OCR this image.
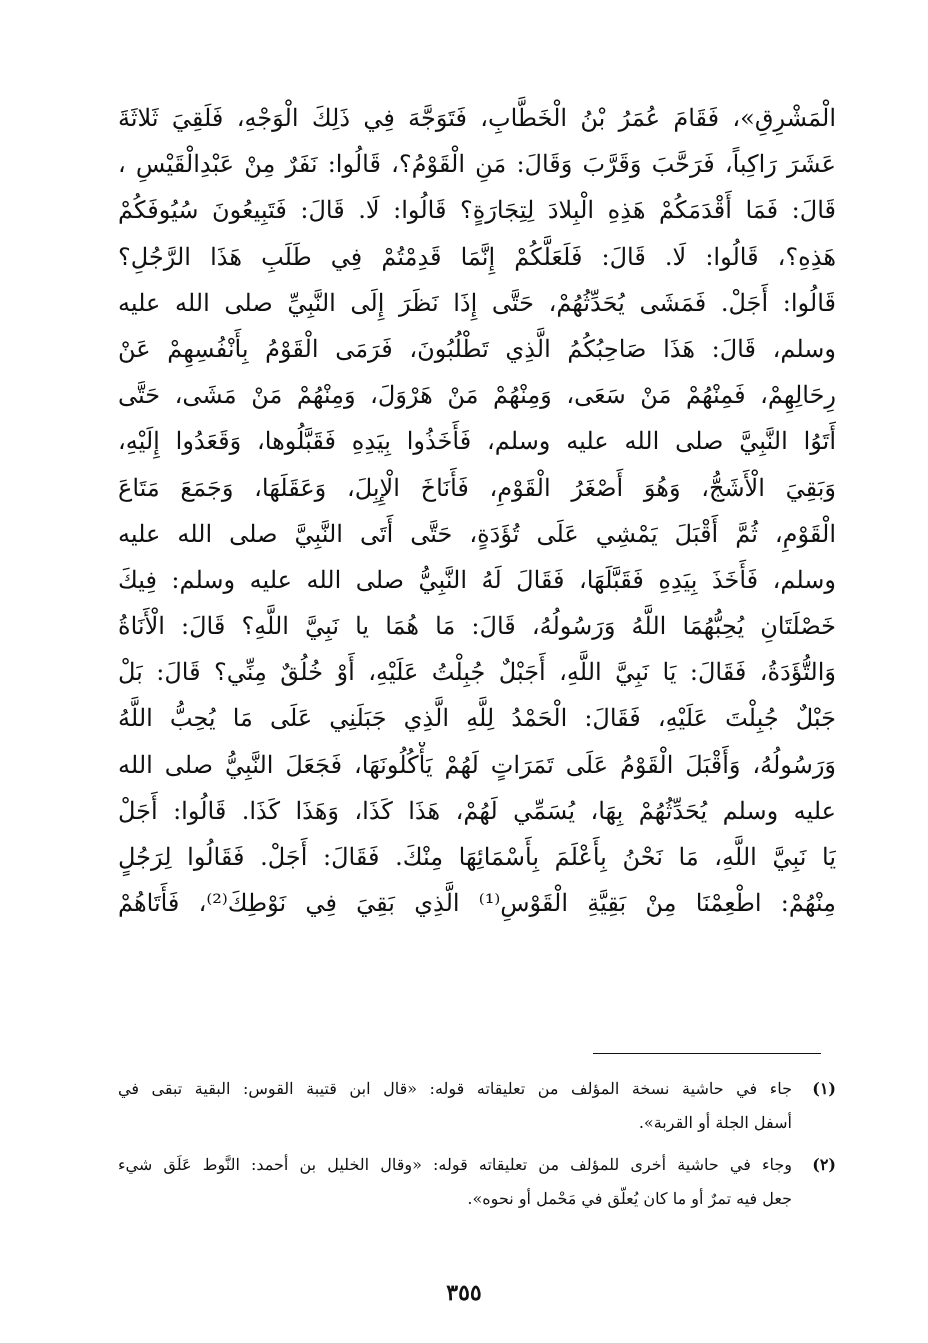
الْمَشْرِقِ»، فَقَامَ عُمَرُ بْنُ الْخَطَّابِ، فَتَوَجَّهَ فِي ذَلِكَ الْوَجْهِ، فَلَقِيَ ثَلاثَةَ
عَشَرَ رَاكِباً، فَرَحَّبَ وَقَرَّبَ وَقَالَ: مَنِ الْقَوْمُ؟، قَالُوا: نَفَرٌ مِنْ عَبْدِالْقَيْسِ ،
قَالَ: فَمَا أَقْدَمَكُمْ هَذِهِ الْبِلادَ لِتِجَارَةٍ؟ قَالُوا: لَا. قَالَ: فَتَبِيعُونَ سُيُوفَكُمْ
هَذِهِ؟، قَالُوا: لَا. قَالَ: فَلَعَلَّكُمْ إِنَّمَا قَدِمْتُمْ فِي طَلَبِ هَذَا الرَّجُلِ؟
قَالُوا: أَجَلْ. فَمَشَى يُحَدِّثُهُمْ، حَتَّى إِذَا نَظَرَ إِلَى النَّبِيِّ صلى الله عليه
وسلم، قَالَ: هَذَا صَاحِبُكُمُ الَّذِي تَطْلُبُونَ، فَرَمَى الْقَوْمُ بِأَنْفُسِهِمْ عَنْ
رِحَالِهِمْ، فَمِنْهُمْ مَنْ سَعَى، وَمِنْهُمْ مَنْ هَرْوَلَ، وَمِنْهُمْ مَنْ مَشَى، حَتَّى
أَتَوُا النَّبِيَّ صلى الله عليه وسلم، فَأَخَذُوا بِيَدِهِ فَقَبَّلُوها، وَقَعَدُوا إِلَيْهِ،
وَبَقِيَ الْأَشَجُّ، وَهُوَ أَصْغَرُ الْقَوْمِ، فَأَنَاخَ الْإِبِلَ، وَعَقَلَهَا، وَجَمَعَ مَتَاعَ
الْقَوْمِ، ثُمَّ أَقْبَلَ يَمْشِي عَلَى تُؤَدَةٍ، حَتَّى أَتَى النَّبِيَّ صلى الله عليه
وسلم، فَأَخَذَ بِيَدِهِ فَقَبَّلَهَا، فَقَالَ لَهُ النَّبِيُّ صلى الله عليه وسلم: فِيكَ
خَصْلَتَانِ يُحِبُّهُمَا اللَّهُ وَرَسُولُهُ، قَالَ: مَا هُمَا يا نَبِيَّ اللَّهِ؟ قَالَ: الْأَنَاةُ
وَالتُّؤَدَةُ، فَقَالَ: يَا نَبِيَّ اللَّهِ، أَجَبْلٌ جُبِلْتُ عَلَيْهِ، أَوْ خُلُقٌ مِنِّي؟ قَالَ: بَلْ
جَبْلٌ جُبِلْتَ عَلَيْهِ، فَقَالَ: الْحَمْدُ لِلَّهِ الَّذِي جَبَلَنِي عَلَى مَا يُحِبُّ اللَّهُ
وَرَسُولُهُ، وَأَقْبَلَ الْقَوْمُ عَلَى تَمَرَاتٍ لَهُمْ يَأْكُلُونَهَا، فَجَعَلَ النَّبِيُّ صلى الله
عليه وسلم يُحَدِّثُهُمْ بِهَا، يُسَمِّي لَهُمْ، هَذَا كَذَا، وَهَذَا كَذَا. قَالُوا: أَجَلْ
يَا نَبِيَّ اللَّهِ، مَا نَحْنُ بِأَعْلَمَ بِأَسْمَائِهَا مِنْكَ. فَقَالَ: أَجَلْ. فَقَالُوا لِرَجُلٍ
مِنْهُمْ: اطْعِمْنَا مِنْ بَقِيَّةِ الْقَوْسِ⁽¹⁾ الَّذِي بَقِيَ فِي نَوْطِكَ⁽²⁾، فَأَتَاهُمْ
(١)
جاء في حاشية نسخة المؤلف من تعليقاته قوله: «قال ابن قتيبة القوس: البقية تبقى في
أسفل الجلة أو القربة».
(٢)
وجاء في حاشية أخرى للمؤلف من تعليقاته قوله: «وقال الخليل بن أحمد: النَّوط عَلَق شيء
جعل فيه تمرٌ أو ما كان يُعلّق في مَحْمل أو نحوه».
٣٥٥
